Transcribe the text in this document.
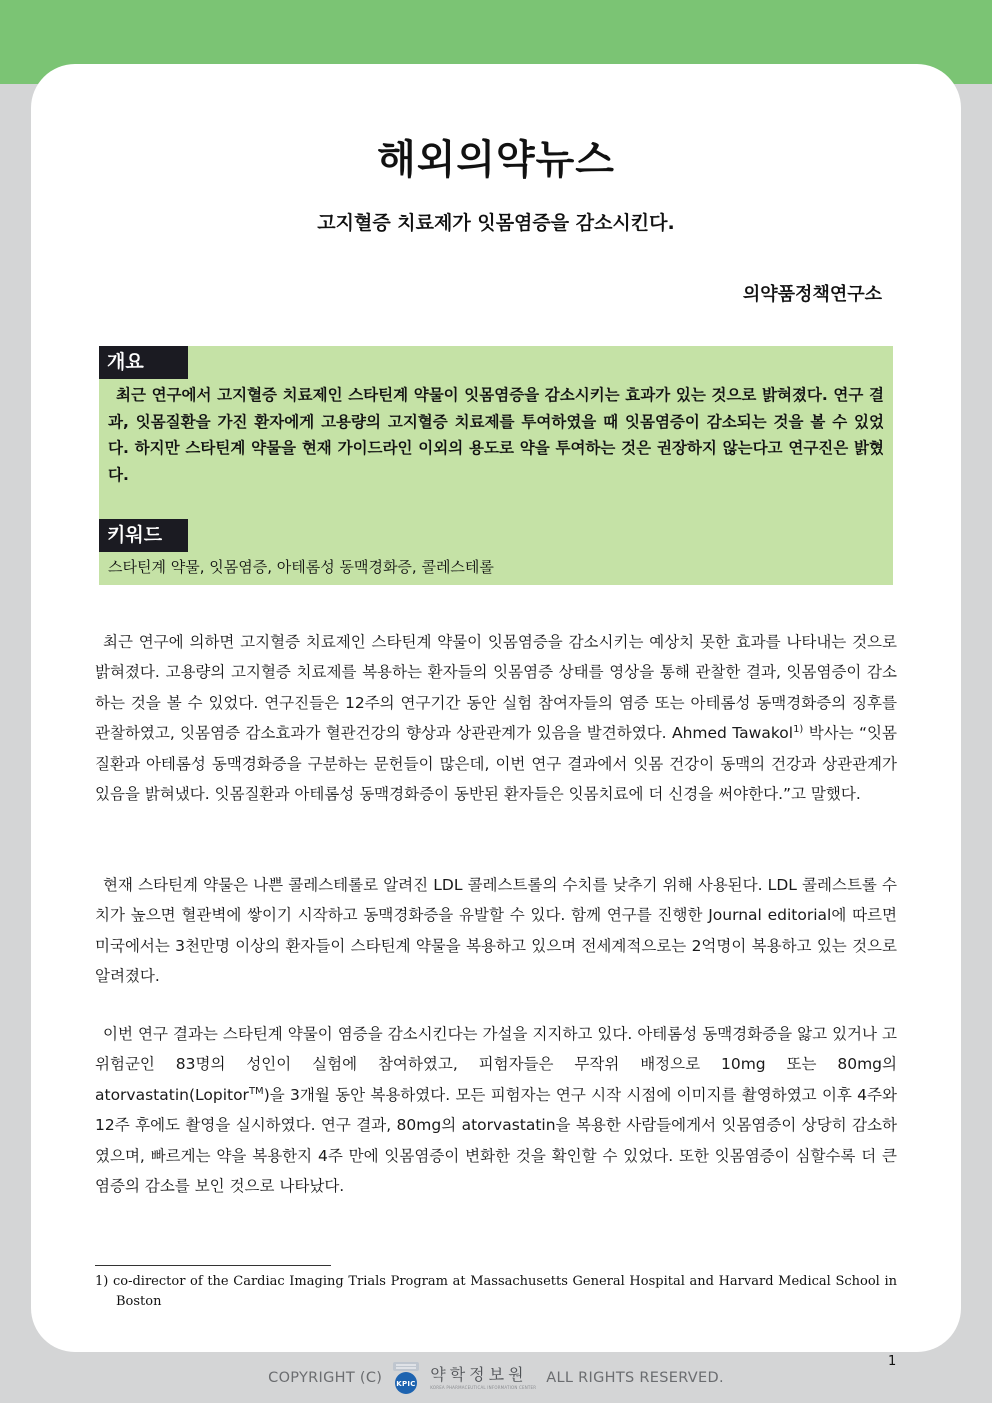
해외의약뉴스
고지혈증 치료제가 잇몸염증을 감소시킨다.
의약품정책연구소
개요

최근 연구에서 고지혈증 치료제인 스타틴계 약물이 잇몸염증을 감소시키는 효과가 있는 것으로 밝혀졌다. 연구 결과, 잇몸질환을 가진 환자에게 고용량의 고지혈증 치료제를 투여하였을 때 잇몸염증이 감소되는 것을 볼 수 있었다. 하지만 스타틴계 약물을 현재 가이드라인 이외의 용도로 약을 투여하는 것은 권장하지 않는다고 연구진은 밝혔다.

키워드

스타틴계 약물, 잇몸염증, 아테롬성 동맥경화증, 콜레스테롤

최근 연구에 의하면 고지혈증 치료제인 스타틴계 약물이 잇몸염증을 감소시키는 예상치 못한 효과를 나타내는 것으로 밝혀졌다. 고용량의 고지혈증 치료제를 복용하는 환자들의 잇몸염증 상태를 영상을 통해 관찰한 결과, 잇몸염증이 감소하는 것을 볼 수 있었다. 연구진들은 12주의 연구기간 동안 실험 참여자들의 염증 또는 아테롬성 동맥경화증의 징후를 관찰하였고, 잇몸염증 감소효과가 혈관건강의 향상과 상관관계가 있음을 발견하였다. Ahmed Tawakol$^{1)}$ 박사는 “잇몸질환과 아테롬성 동맥경화증을 구분하는 문헌들이 많은데, 이번 연구 결과에서 잇몸 건강이 동맥의 건강과 상관관계가 있음을 밝혀냈다. 잇몸질환과 아테롬성 동맥경화증이 동반된 환자들은 잇몸치료에 더 신경을 써야한다.”고 말했다.

현재 스타틴계 약물은 나쁜 콜레스테롤로 알려진 LDL 콜레스트롤의 수치를 낮추기 위해 사용된다. LDL 콜레스트롤 수치가 높으면 혈관벽에 쌓이기 시작하고 동맥경화증을 유발할 수 있다. 함께 연구를 진행한 Journal editorial에 따르면 미국에서는 3천만명 이상의 환자들이 스타틴계 약물을 복용하고 있으며 전세계적으로는 2억명이 복용하고 있는 것으로 알려졌다.

이번 연구 결과는 스타틴계 약물이 염증을 감소시킨다는 가설을 지지하고 있다. 아테롬성 동맥경화증을 앓고 있거나 고위험군인 83명의 성인이 실험에 참여하였고, 피험자들은 무작위 배정으로 10mg 또는 80mg의 atorvastatin(Lopitor™)을 3개월 동안 복용하였다. 모든 피험자는 연구 시작 시점에 이미지를 촬영하였고 이후 4주와 12주 후에도 촬영을 실시하였다. 연구 결과, 80mg의 atorvastatin을 복용한 사람들에게서 잇몸염증이 상당히 감소하였으며, 빠르게는 약을 복용한지 4주 만에 잇몸염증이 변화한 것을 확인할 수 있었다. 또한 잇몸염증이 심할수록 더 큰 염증의 감소를 보인 것으로 나타났다.

1) co-director of the Cardiac Imaging Trials Program at Massachusetts General Hospital and Harvard Medical School in Boston

1
COPYRIGHT (C) KPIC
약학정보원
KOREA PHARMACEUTICAL INFORMATION CENTER
ALL RIGHTS RESERVED.
